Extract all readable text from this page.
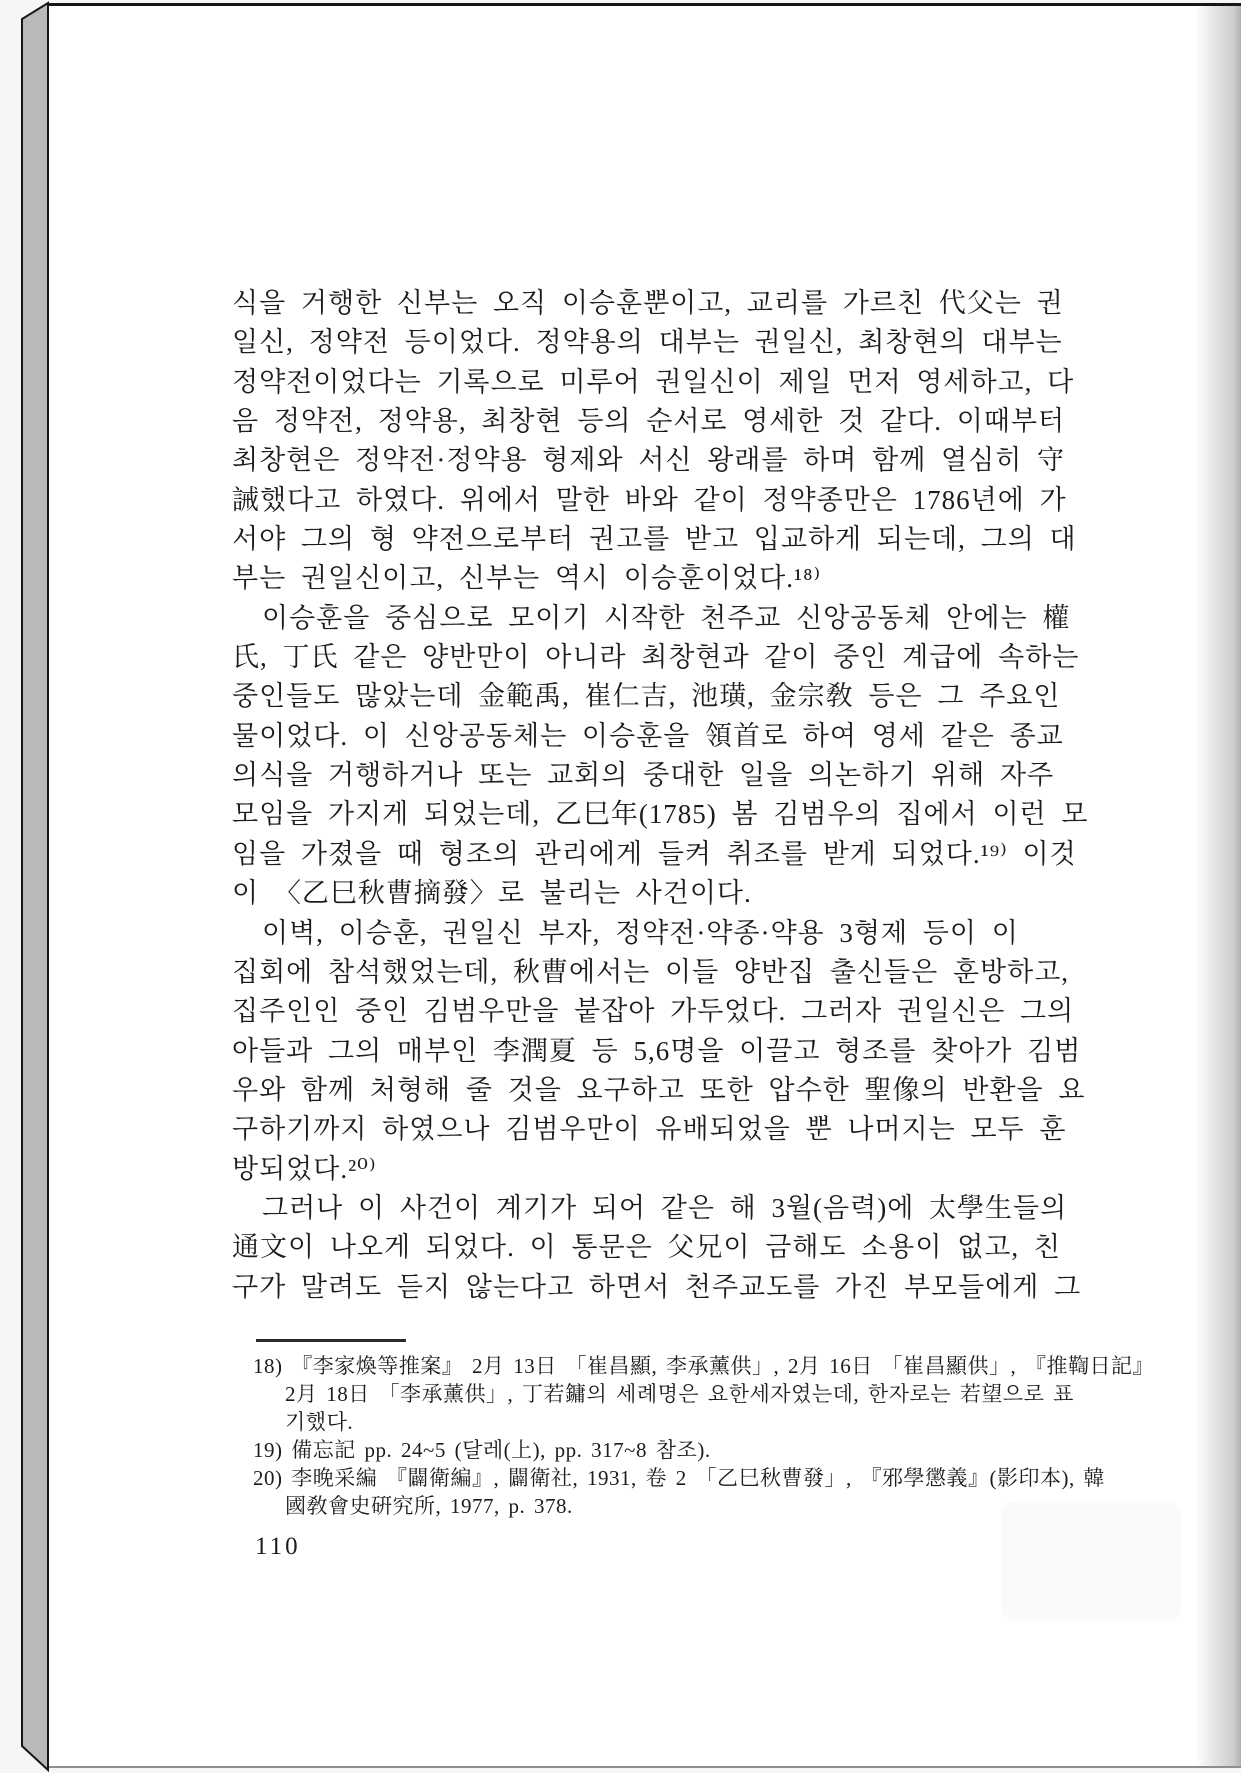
식을 거행한 신부는 오직 이승훈뿐이고, 교리를 가르친 代父는 권
일신, 정약전 등이었다. 정약용의 대부는 권일신, 최창현의 대부는
정약전이었다는 기록으로 미루어 권일신이 제일 먼저 영세하고, 다
음 정약전, 정약용, 최창현 등의 순서로 영세한 것 같다. 이때부터
최창현은 정약전·정약용 형제와 서신 왕래를 하며 함께 열심히 守
誡했다고 하였다. 위에서 말한 바와 같이 정약종만은 1786년에 가
서야 그의 형 약전으로부터 권고를 받고 입교하게 되는데, 그의 대
부는 권일신이고, 신부는 역시 이승훈이었다.¹⁸⁾
이승훈을 중심으로 모이기 시작한 천주교 신앙공동체 안에는 權
氏, 丁氏 같은 양반만이 아니라 최창현과 같이 중인 계급에 속하는
중인들도 많았는데 金範禹, 崔仁吉, 池璜, 金宗敎 등은 그 주요인
물이었다. 이 신앙공동체는 이승훈을 領首로 하여 영세 같은 종교
의식을 거행하거나 또는 교회의 중대한 일을 의논하기 위해 자주
모임을 가지게 되었는데, 乙巳年(1785) 봄 김범우의 집에서 이런 모
임을 가졌을 때 형조의 관리에게 들켜 취조를 받게 되었다.¹⁹⁾ 이것
이 〈乙巳秋曹摘發〉로 불리는 사건이다.
이벽, 이승훈, 권일신 부자, 정약전·약종·약용 3형제 등이 이
집회에 참석했었는데, 秋曹에서는 이들 양반집 출신들은 훈방하고,
집주인인 중인 김범우만을 붙잡아 가두었다. 그러자 권일신은 그의
아들과 그의 매부인 李潤夏 등 5,6명을 이끌고 형조를 찾아가 김범
우와 함께 처형해 줄 것을 요구하고 또한 압수한 聖像의 반환을 요
구하기까지 하였으나 김범우만이 유배되었을 뿐 나머지는 모두 훈
방되었다.²⁰⁾
그러나 이 사건이 계기가 되어 같은 해 3월(음력)에 太學生들의
通文이 나오게 되었다. 이 통문은 父兄이 금해도 소용이 없고, 친
구가 말려도 듣지 않는다고 하면서 천주교도를 가진 부모들에게 그
18) 『李家煥等推案』 2月 13日 「崔昌顯, 李承薰供」, 2月 16日 「崔昌顯供」, 『推鞫日記』
2月 18日 「李承薰供」, 丁若鏞의 세례명은 요한세자였는데, 한자로는 若望으로 표
기했다.
19) 備忘記 pp. 24~5 (달레(上), pp. 317~8 참조).
20) 李晚采編 『闢衛編』, 闢衛社, 1931, 卷 2 「乙巳秋曹發」, 『邪學懲義』(影印本), 韓
國敎會史硏究所, 1977, p. 378.
110
